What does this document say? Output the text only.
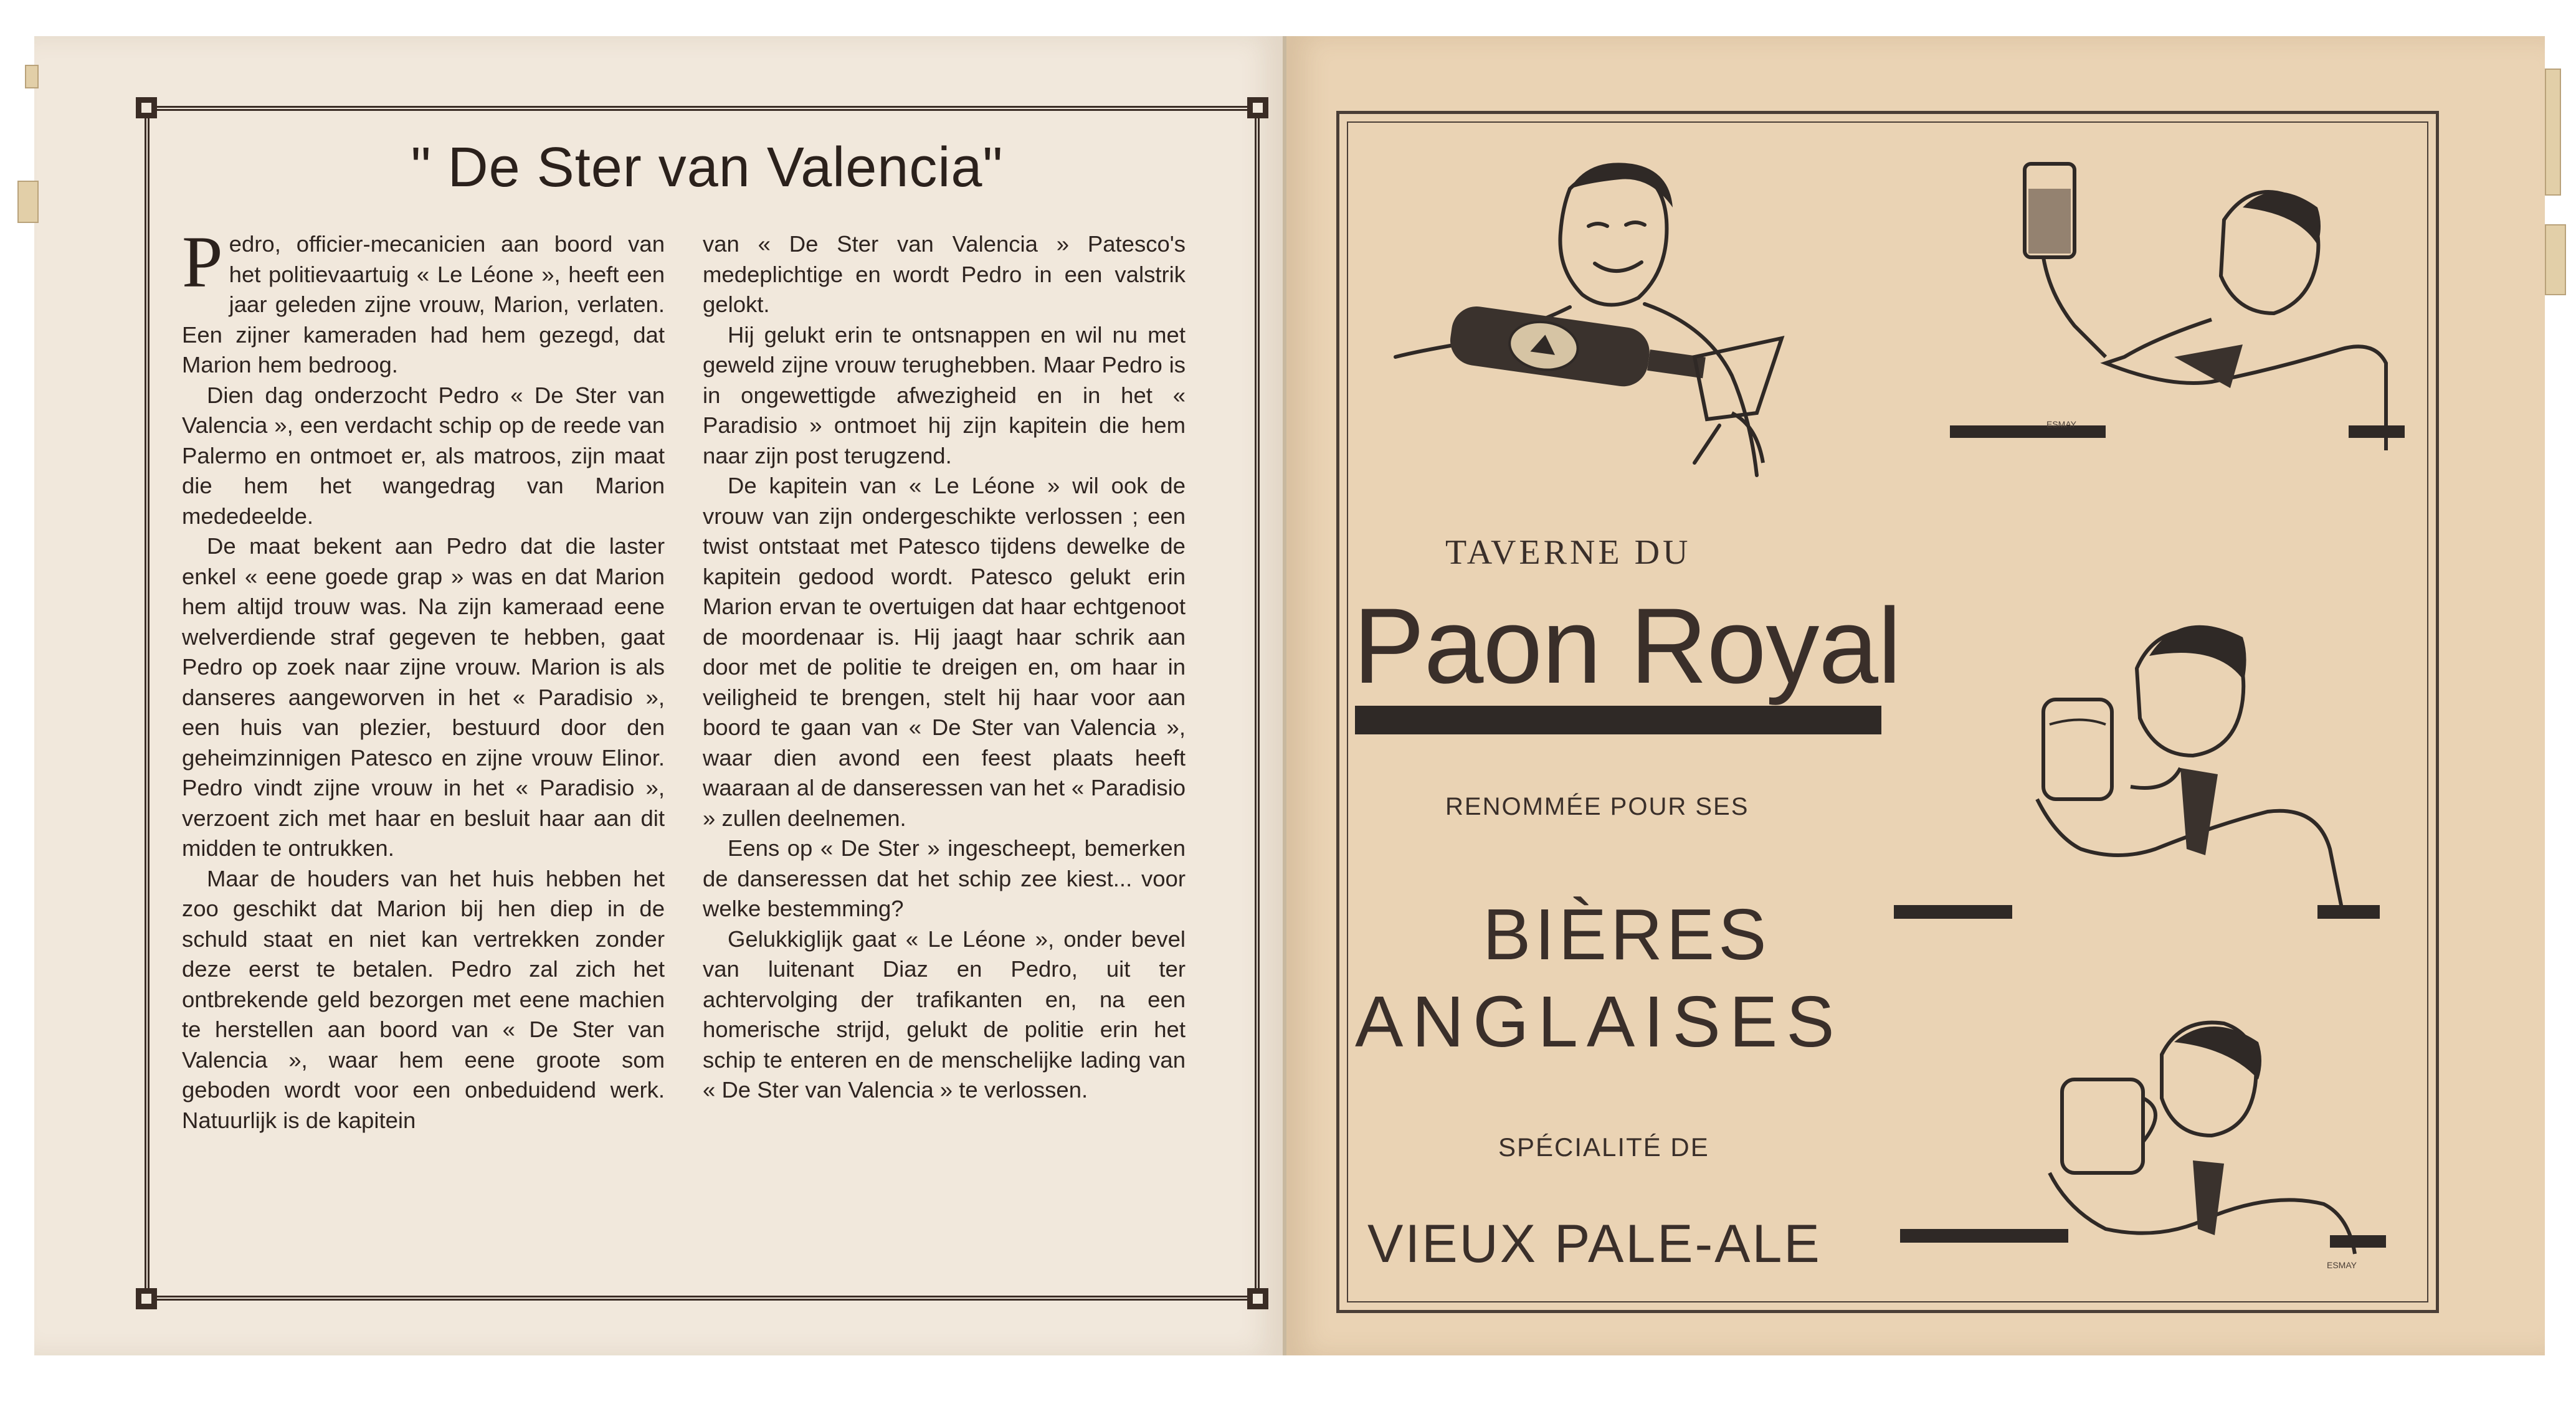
" De Ster van Valencia"

Pedro, officier-mecanicien aan boord van het politievaartuig « Le Léone », heeft een jaar geleden zijne vrouw, Marion, verlaten. Een zijner kameraden had hem gezegd, dat Marion hem bedroog.

Dien dag onderzocht Pedro « De Ster van Valencia », een verdacht schip op de reede van Palermo en ontmoet er, als matroos, zijn maat die hem het wangedrag van Marion mededeelde.

De maat bekent aan Pedro dat die laster enkel « eene goede grap » was en dat Marion hem altijd trouw was. Na zijn kameraad eene welverdiende straf gegeven te hebben, gaat Pedro op zoek naar zijne vrouw. Marion is als danseres aangeworven in het « Paradisio », een huis van plezier, bestuurd door den geheimzinnigen Patesco en zijne vrouw Elinor. Pedro vindt zijne vrouw in het « Paradisio », verzoent zich met haar en besluit haar aan dit midden te ontrukken.

Maar de houders van het huis hebben het zoo geschikt dat Marion bij hen diep in de schuld staat en niet kan vertrekken zonder deze eerst te betalen. Pedro zal zich het ontbrekende geld bezorgen met eene machien te herstellen aan boord van « De Ster van Valencia », waar hem eene groote som geboden wordt voor een onbeduidend werk. Natuurlijk is de kapitein

van « De Ster van Valencia » Patesco's medeplichtige en wordt Pedro in een valstrik gelokt.

Hij gelukt erin te ontsnappen en wil nu met geweld zijne vrouw terughebben. Maar Pedro is in ongewettigde afwezigheid en in het « Paradisio » ontmoet hij zijn kapitein die hem naar zijn post terugzend.

De kapitein van « Le Léone » wil ook de vrouw van zijn ondergeschikte verlossen ; een twist ontstaat met Patesco tijdens dewelke de kapitein gedood wordt. Patesco gelukt erin Marion ervan te overtuigen dat haar echtgenoot de moordenaar is. Hij jaagt haar schrik aan door met de politie te dreigen en, om haar in veiligheid te brengen, stelt hij haar voor aan boord te gaan van « De Ster van Valencia », waar dien avond een feest plaats heeft waaraan al de danseressen van het « Paradisio » zullen deelnemen.

Eens op « De Ster » ingescheept, bemerken de danseressen dat het schip zee kiest... voor welke bestemming?

Gelukkiglijk gaat « Le Léone », onder bevel van luitenant Diaz en Pedro, uit ter achtervolging der trafikanten en, na een homerische strijd, gelukt de politie erin het schip te enteren en de menschelijke lading van « De Ster van Valencia » te verlossen.

TAVERNE DU
Paon Royal
RENOMMÉE POUR SES
BIÈRES
ANGLAISES
SPÉCIALITÉ DE
VIEUX PALE-ALE
ESMAY
ESMAY
